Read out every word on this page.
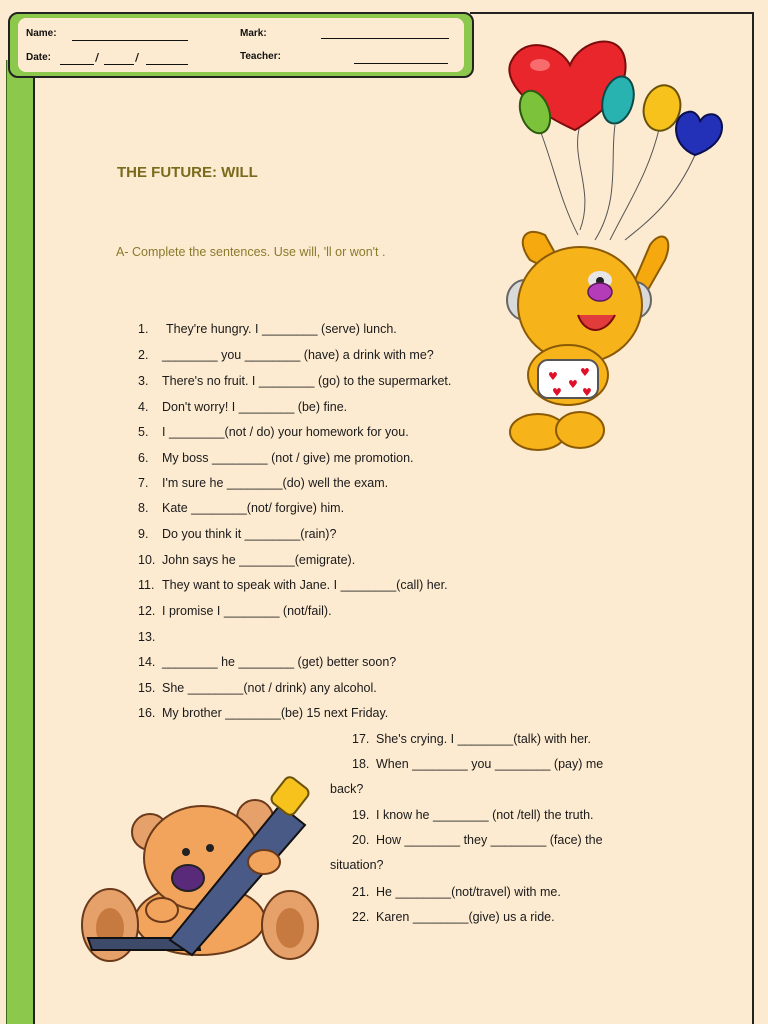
Name:
Date:	/	/
Mark:
Teacher:
THE FUTURE: WILL
A- Complete the sentences. Use will, 'll or won't .
1. They're hungry. I ________ (serve) lunch.
2. ________ you ________ (have) a drink with me?
3. There's no fruit. I ________ (go) to the supermarket.
4. Don't worry! I ________ (be) fine.
5. I ________(not / do) your homework for you.
6. My boss ________ (not / give) me promotion.
7. I'm sure he ________(do) well the exam.
8. Kate ________(not/ forgive) him.
9. Do you think it ________(rain)?
10. John says he ________(emigrate).
11. They want to speak with Jane. I ________(call) her.
12. I promise I ________ (not/fail).
13.
14. ________ he ________ (get) better soon?
15. She ________(not / drink) any alcohol.
16. My brother ________(be) 15 next Friday.
17. She's crying. I ________(talk) with her.
18. When ________ you ________ (pay) me
back?
19. I know he ________ (not /tell) the truth.
20. How ________ they ________ (face) the
situation?
21. He ________(not/travel) with me.
22. Karen ________(give) us a ride.
♥
♥
♥
♥ ♥
